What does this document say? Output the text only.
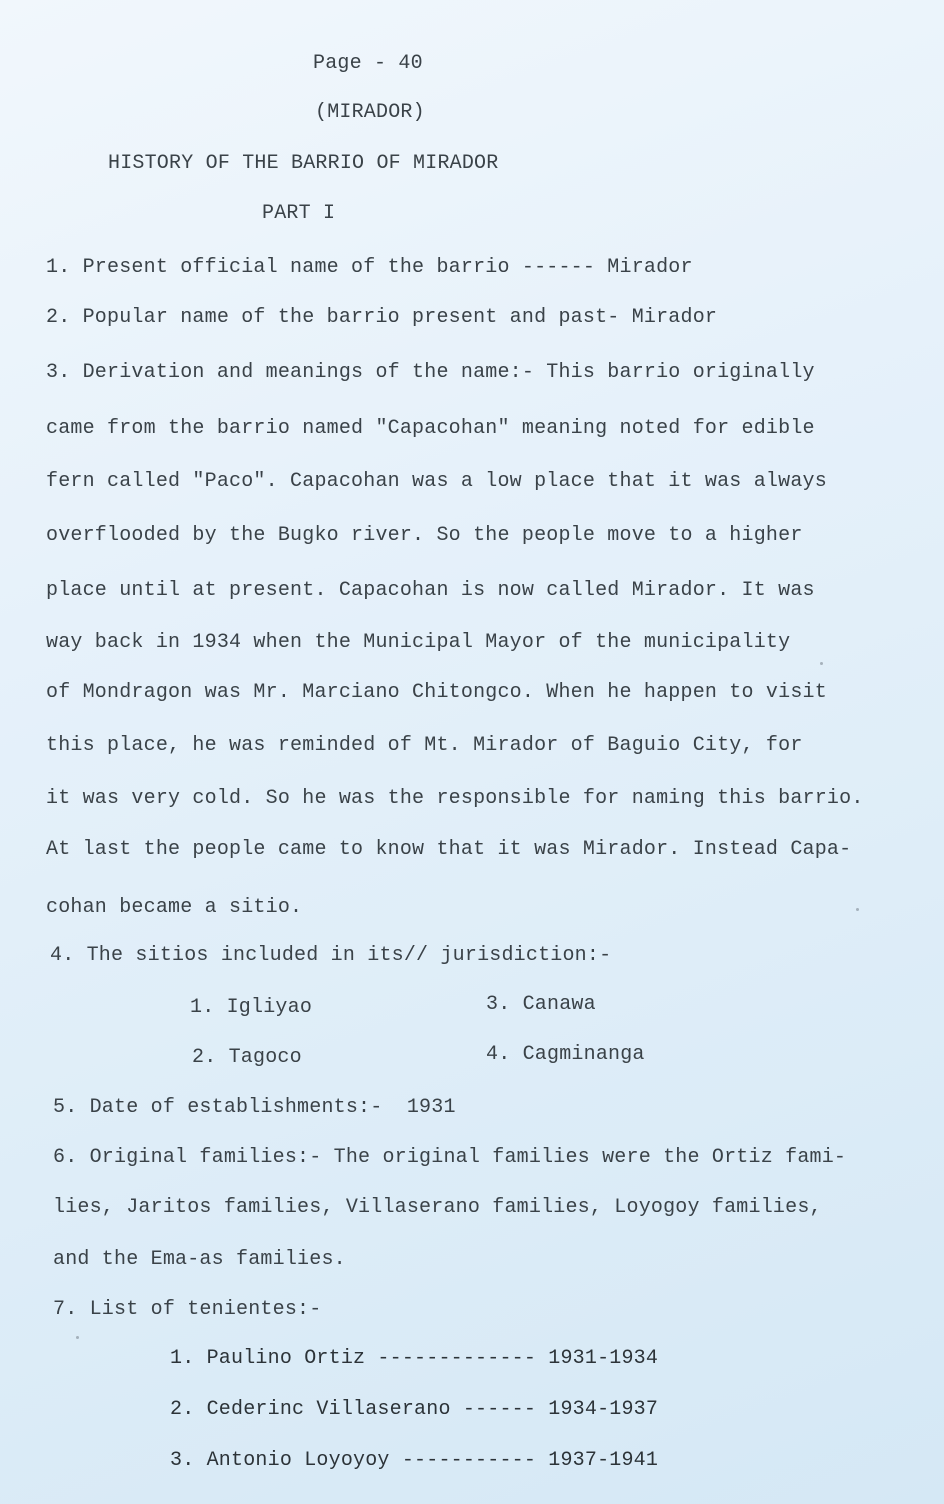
Page - 40
(MIRADOR)
HISTORY OF THE BARRIO OF MIRADOR
PART I
1. Present official name of the barrio ------ Mirador
2. Popular name of the barrio present and past- Mirador
3. Derivation and meanings of the name:- This barrio originally
came from the barrio named "Capacohan" meaning noted for edible
fern called "Paco". Capacohan was a low place that it was always
overflooded by the Bugko river. So the people move to a higher
place until at present. Capacohan is now called Mirador. It was
way back in 1934 when the Municipal Mayor of the municipality
of Mondragon was Mr. Marciano Chitongco. When he happen to visit
this place, he was reminded of Mt. Mirador of Baguio City, for
it was very cold. So he was the responsible for naming this barrio.
At last the people came to know that it was Mirador. Instead Capa-
cohan became a sitio.
4. The sitios included in its// jurisdiction:-
1. Igliyao	3. Canawa
2. Tagoco	4. Cagminanga
5. Date of establishments:-  1931
6. Original families:- The original families were the Ortiz fami-
lies, Jaritos families, Villaserano families, Loyogoy families,
and the Ema-as families.
7. List of tenientes:-
1. Paulino Ortiz ------------- 1931-1934
2. Cederinc Villaserano ------ 1934-1937
3. Antonio Loyoyoy ----------- 1937-1941
